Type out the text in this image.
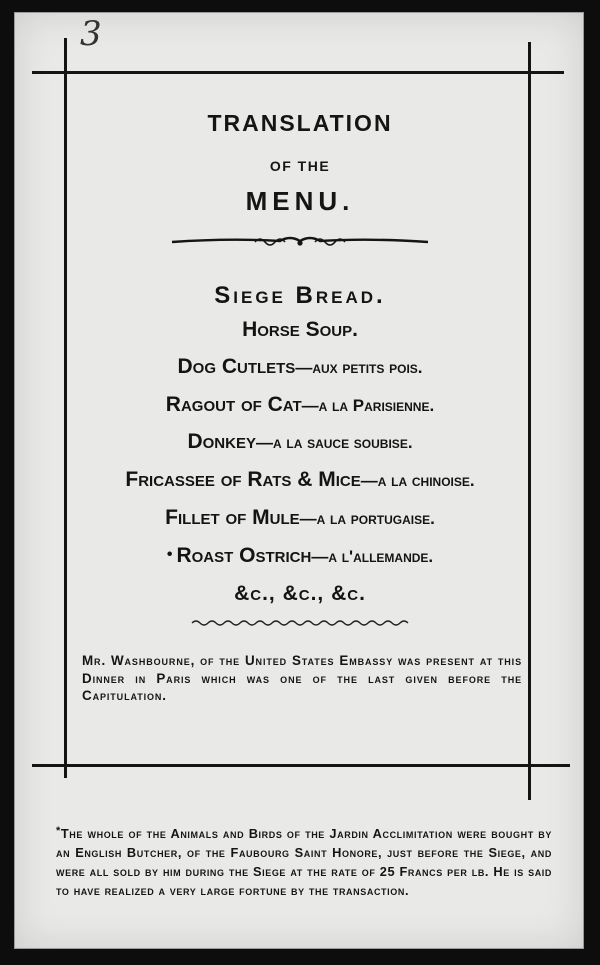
3
TRANSLATION
OF THE
MENU.
Siege Bread.
Horse Soup.
Dog Cutlets—aux petits pois.
Ragout of Cat—a la Parisienne.
Donkey—a la sauce soubise.
Fricassee of Rats & Mice—a la chinoise.
Fillet of Mule—a la portugaise.
• Roast Ostrich—a l'allemande.
&c., &c., &c.
Mr. Washbourne, of the United States Embassy was present at this Dinner in Paris which was one of the last given before the Capitulation.
*The whole of the Animals and Birds of the Jardin Acclimitation were bought by an English Butcher, of the Faubourg Saint Honore, just before the Siege, and were all sold by him during the Siege at the rate of 25 Francs per lb. He is said to have realized a very large fortune by the transaction.
